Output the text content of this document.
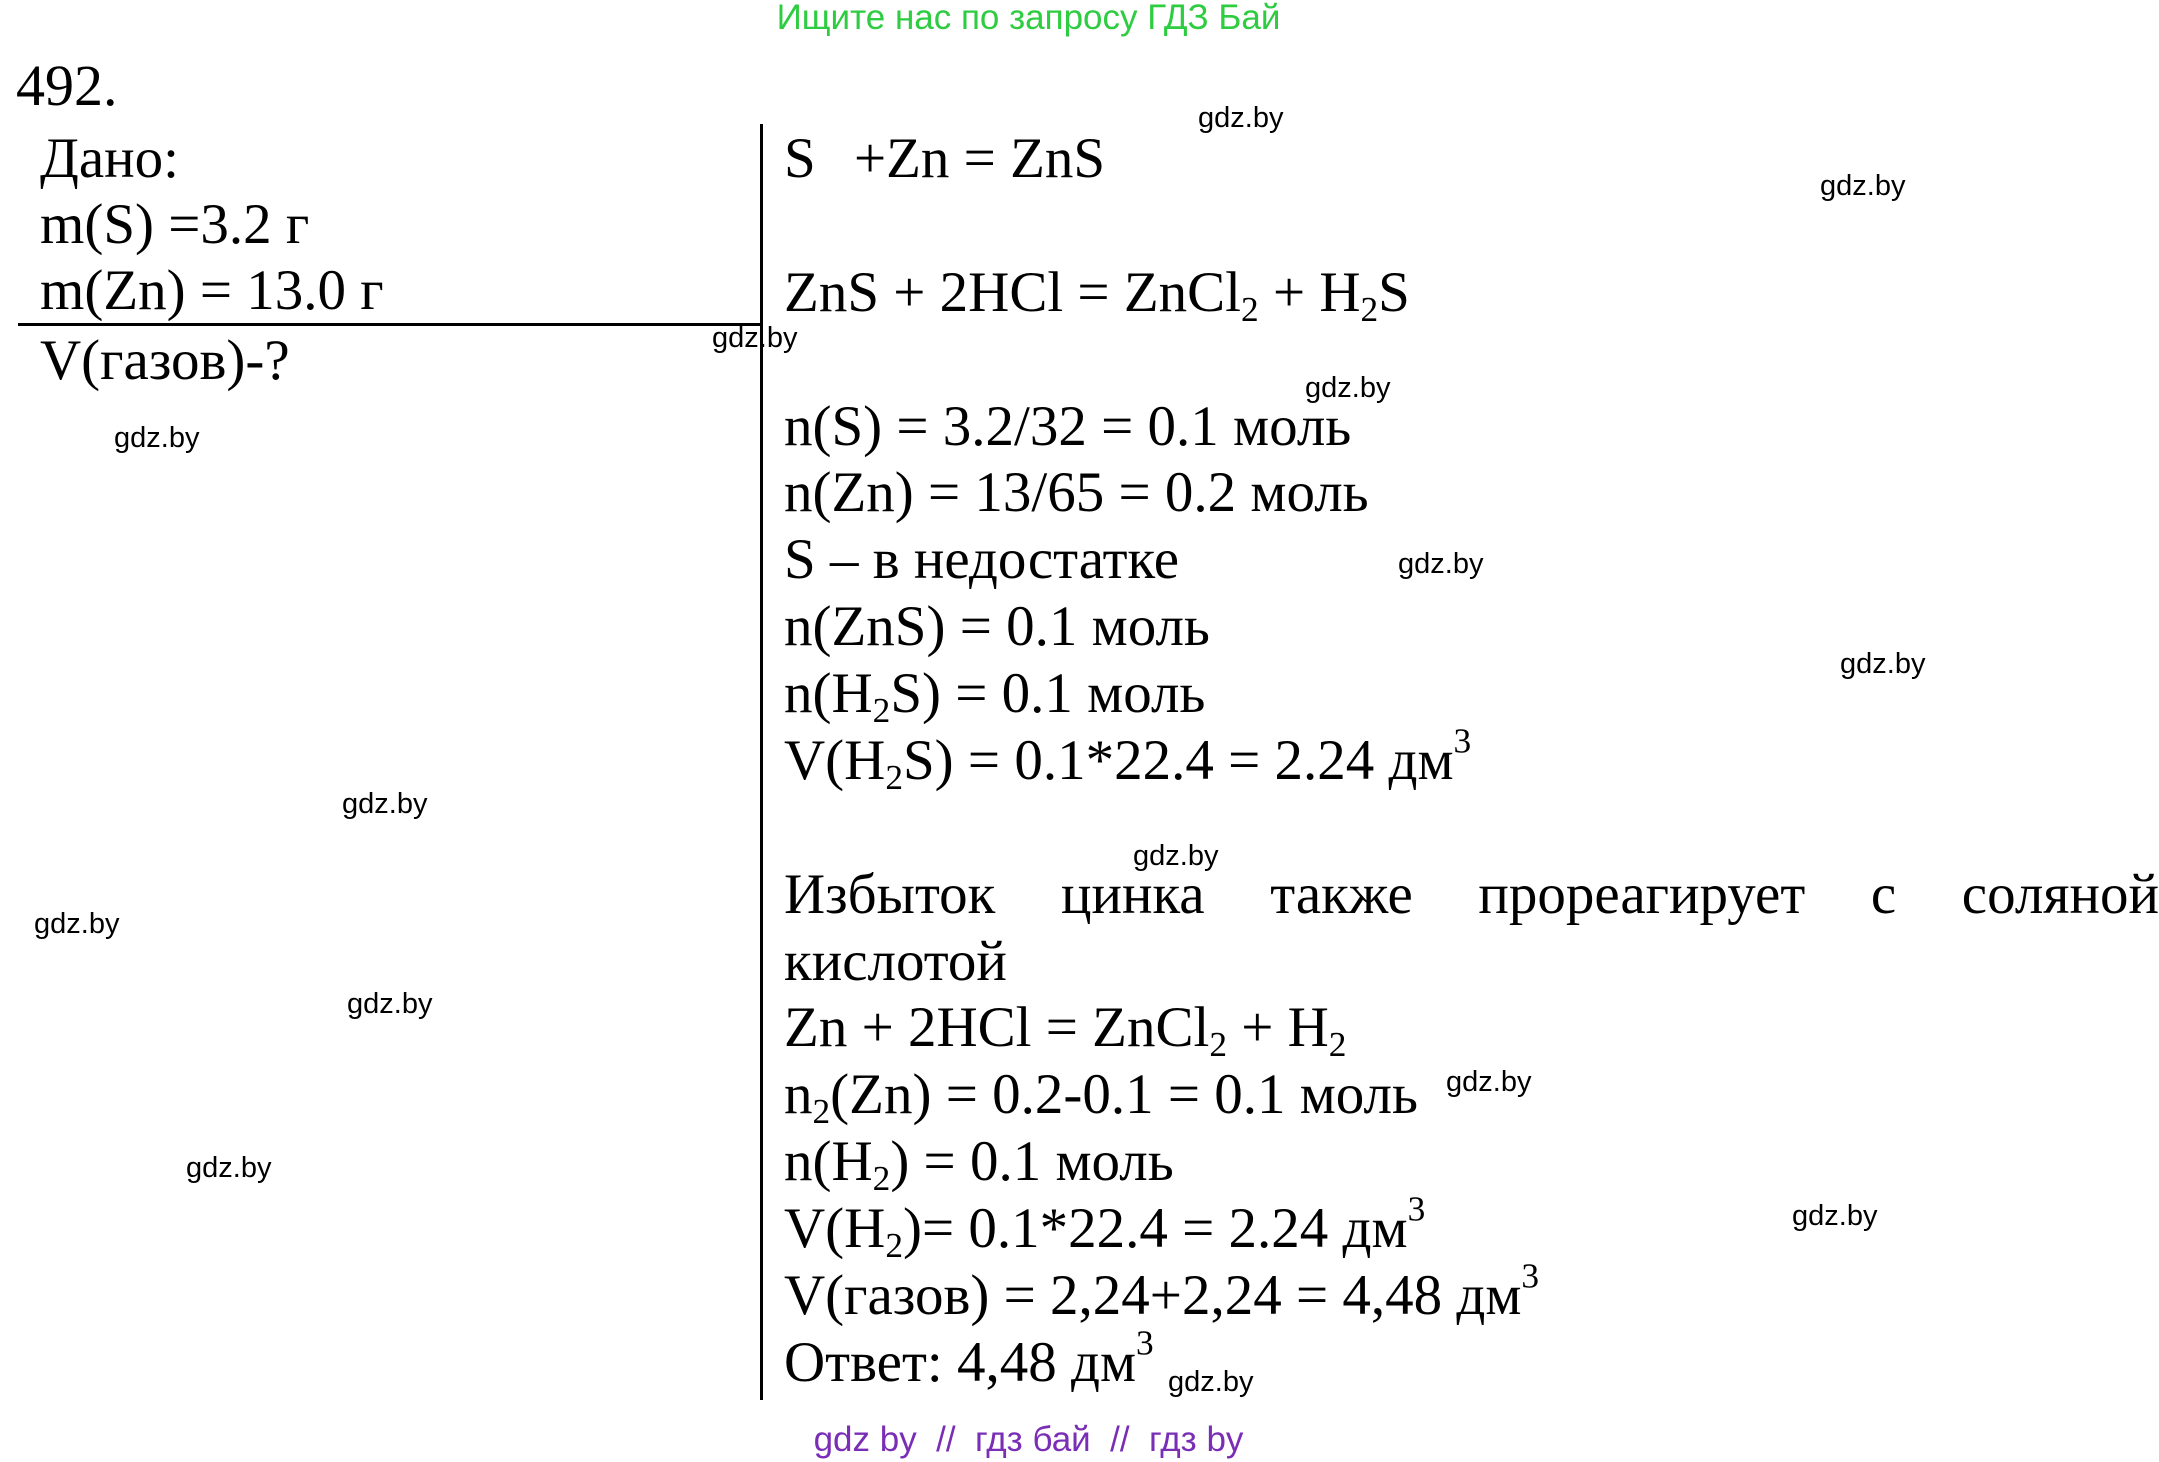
Ищите нас по запросу ГДЗ Бай
492.
Дано:
m(S) =3.2 г
m(Zn) = 13.0 г
V(газов)-?
S +Zn = ZnS
ZnS + 2HCl = ZnCl$_2$ + $H_2S$
n(S) = 3.2/32 = 0.1 моль
n(Zn) = 13/65 = 0.2 моль
S – в недостатке
n(ZnS) = 0.1 моль
$n(H_2S) = 0.1$ моль
$V(H_2S) = 0.1*22.4 = 2.24$ $дм^3$
Избыток цинка также прореагирует с соляной
кислотой
Zn + 2HCl = ZnCl$_2$ + $H_2$
$n_2(Zn) = 0.2-0.1 = 0.1$ моль
$n(H_2) = 0.1$ моль
$V(H_2)= 0.1*22.4 = 2.24$ $дм^3$
V(газов) = 2,24+2,24 = 4,48 $дм^3$
Ответ: 4,48 $дм^3$
gdz.by
gdz.by
gdz.by
gdz.by
gdz.by
gdz.by
gdz.by
gdz.by
gdz.by
gdz.by
gdz.by
gdz.by
gdz.by
gdz.by
gdz.by
gdz by  //  гдз бай  //  гдз by
